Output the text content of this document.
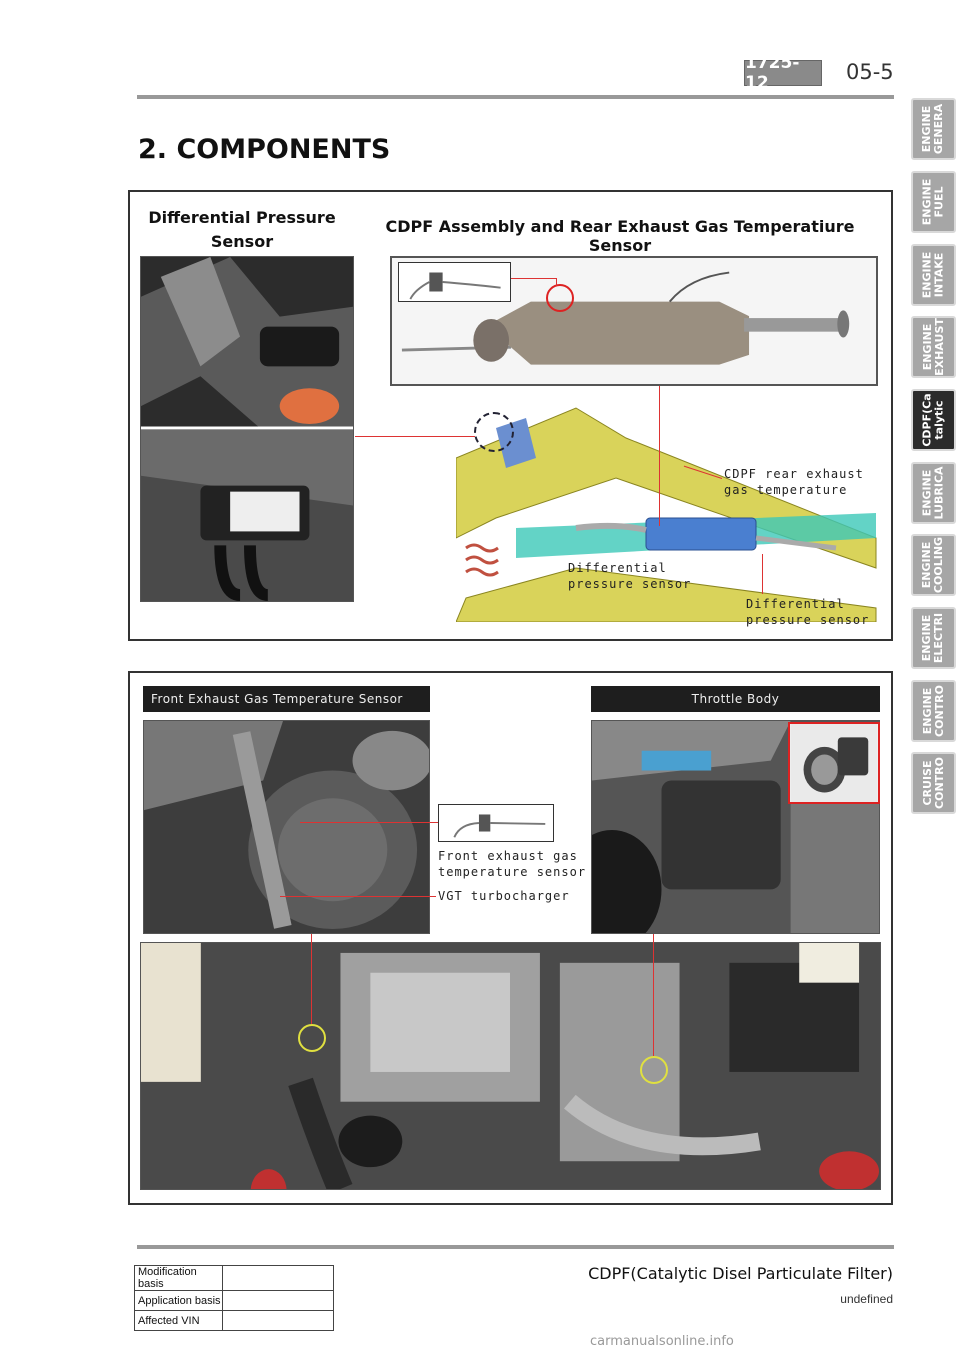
1725-12	05-5
2. COMPONENTS	ENGINE
GENERA
ENGINE
FUEL
ENGINE
INTAKE
ENGINE
EXHAUST
CDPF(Ca
talytic
ENGINE
LUBRICA
ENGINE
COOLING
ENGINE
ELECTRI
ENGINE
CONTRO
CRUISE
CONTRO
Differential Pressure
Sensor
CDPF Assembly and Rear Exhaust Gas Temperatiure Sensor
CDPF rear exhaust
gas temperature
Differential
pressure sensor
Differential
pressure sensor
Front Exhaust Gas Temperature Sensor	Throttle Body
Front exhaust gas
temperature sensor
VGT turbocharger
Modification basis	
Application basis	
Affected VIN	
CDPF(Catalytic Disel Particulate Filter)
undefined
carmanualsonline.info
